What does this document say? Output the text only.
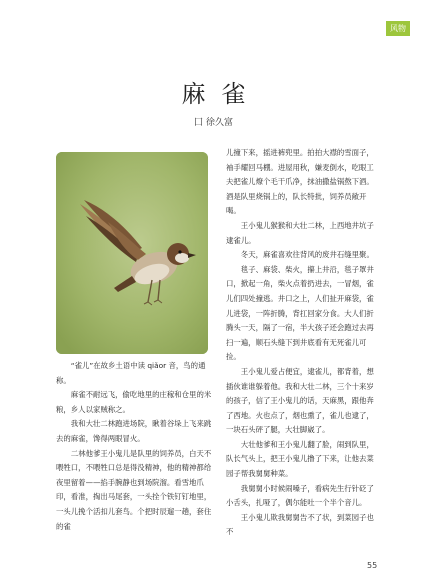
风物
麻雀
囗 徐久富

儿撞下来，摇进裤兜里。拍拍大襟的雪面子，袖手耀回马棚。进屋用秋，嫌麦倒水，吃眼工夫把雀儿燎个毛干爪净，抹油撒盐锅熬下酒。酒是队里烧锅上的，队长特批，饲养员敞开喝。

王小鬼儿猴猴和大壮二林，上西地井坑子逮雀儿。

冬天，麻雀喜欢往背风的废井石缝里聚。

毯子、麻袋、柴火，攥上井沿，毯子罩井口，掀起一角，柴火点着扔进去，一冒烟，雀儿们四处撞逃。井口之上，人们扯开麻袋，雀儿进袋，一阵折腾，背扛回家分食。大人们折腾头一天，隔了一宿，半大孩子还会跑过去再扫一遍，顺石头缝下到井底看有无死雀儿可捡。

王小鬼儿爱占便宜，逮雀儿，都背着，想插伙谁谁躲着他。我和大壮二林，三个十来岁的孩子，信了王小鬼儿的话，天麻黑，跟他奔了西地。火也点了，烟也熏了，雀儿也逮了，一块石头砰了腿，大壮脚崴了。

大壮他爹和王小鬼儿翻了脸，闹到队里，队长气头上，把王小鬼儿撸了下来，让他去菜园子帮我舅舅种菜。

我舅舅小时候闹嗓子，看病先生行针砭了小舌头，扎哑了，偶尔能吐一个半个音儿。

王小鬼儿欺我舅舅告不了状，到菜园子也不

“雀儿”在故乡土语中读 qiǎor 音，鸟的通称。

麻雀不耐远飞，偷吃地里的庄稼和仓里的米粮，乡人以家贼称之。

我和大壮二林跑进场院，瞅着谷垛上飞来跳去的麻雀，馋得两眼冒火。

二林他爹王小鬼儿是队里的饲养员，白天不喂牲口，不喂牲口总是得没精神，他的精神都给夜里留着——掐手腕静也到场院溜。看雪地爪印，看准，掏出马尾套，一头拴个铁钉钉地里，一头儿挽个活扣儿套鸟。个把时辰遛一趟，套住的雀

55
